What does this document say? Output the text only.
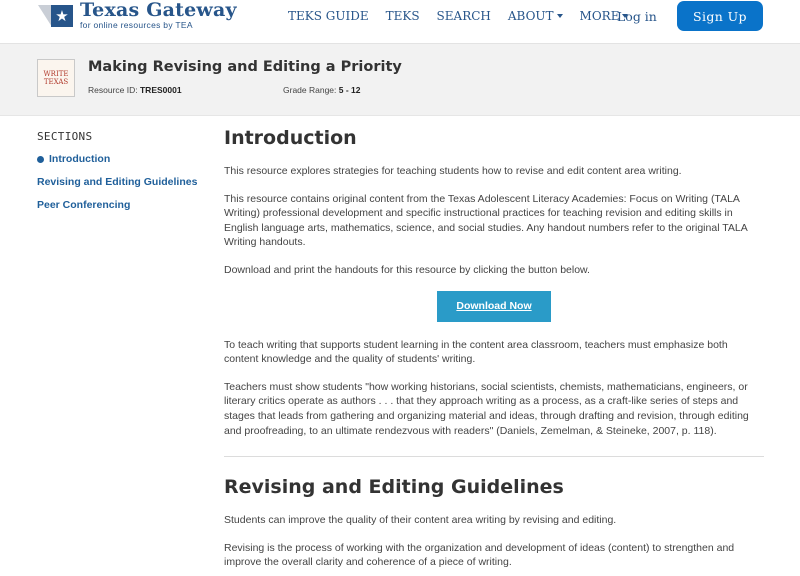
★ Texas Gateway
for online resources by TEA
TEKS GUIDE TEKS SEARCH ABOUT MORE
Log in	Sign Up
WRITE
TEXAS
Making Revising and Editing a Priority
Resource ID: TRES0001	Grade Range: 5 - 12
SECTIONS
Introduction
Revising and Editing Guidelines
Peer Conferencing
Introduction

This resource explores strategies for teaching students how to revise and edit content area writing.

This resource contains original content from the Texas Adolescent Literacy Academies: Focus on Writing (TALA Writing) professional development and specific instructional practices for teaching revision and editing skills in English language arts, mathematics, science, and social studies. Any handout numbers refer to the original TALA Writing handouts.

Download and print the handouts for this resource by clicking the button below.

Download Now

To teach writing that supports student learning in the content area classroom, teachers must emphasize both content knowledge and the quality of students' writing.

Teachers must show students "how working historians, social scientists, chemists, mathematicians, engineers, or literary critics operate as authors . . . that they approach writing as a process, as a craft-like series of steps and stages that leads from gathering and organizing material and ideas, through drafting and revision, through editing and proofreading, to an ultimate rendezvous with readers" (Daniels, Zemelman, & Steineke, 2007, p. 118).

Revising and Editing Guidelines

Students can improve the quality of their content area writing by revising and editing.

Revising is the process of working with the organization and development of ideas (content) to strengthen and improve the overall clarity and coherence of a piece of writing.
